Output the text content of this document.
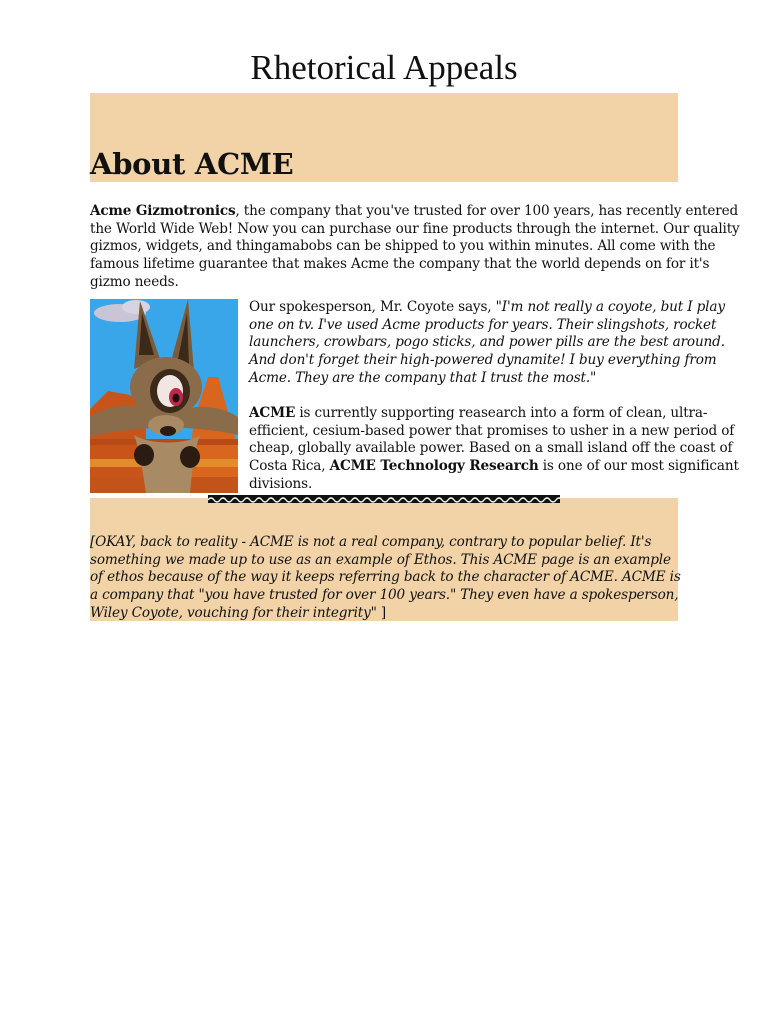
Rhetorical Appeals
About ACME

Acme Gizmotronics, the company that you've trusted for over 100 years, has recently entered the World Wide Web! Now you can purchase our fine products through the internet. Our quality gizmos, widgets, and thingamabobs can be shipped to you within minutes. All come with the famous lifetime guarantee that makes Acme the company that the world depends on for it's gizmo needs.

Our spokesperson, Mr. Coyote says, "I'm not really a coyote, but I play one on tv. I've used Acme products for years. Their slingshots, rocket launchers, crowbars, pogo sticks, and power pills are the best around. And don't forget their high-powered dynamite! I buy everything from Acme. They are the company that I trust the most."

ACME is currently supporting reasearch into a form of clean, ultra-efficient, cesium-based power that promises to usher in a new period of cheap, globally available power. Based on a small island off the coast of Costa Rica, ACME Technology Research is one of our most significant divisions.

[OKAY, back to reality - ACME is not a real company, contrary to popular belief. It's something we made up to use as an example of Ethos. This ACME page is an example of ethos because of the way it keeps referring back to the character of ACME. ACME is a company that "you have trusted for over 100 years." They even have a spokesperson, Wiley Coyote, vouching for their integrity" ]
